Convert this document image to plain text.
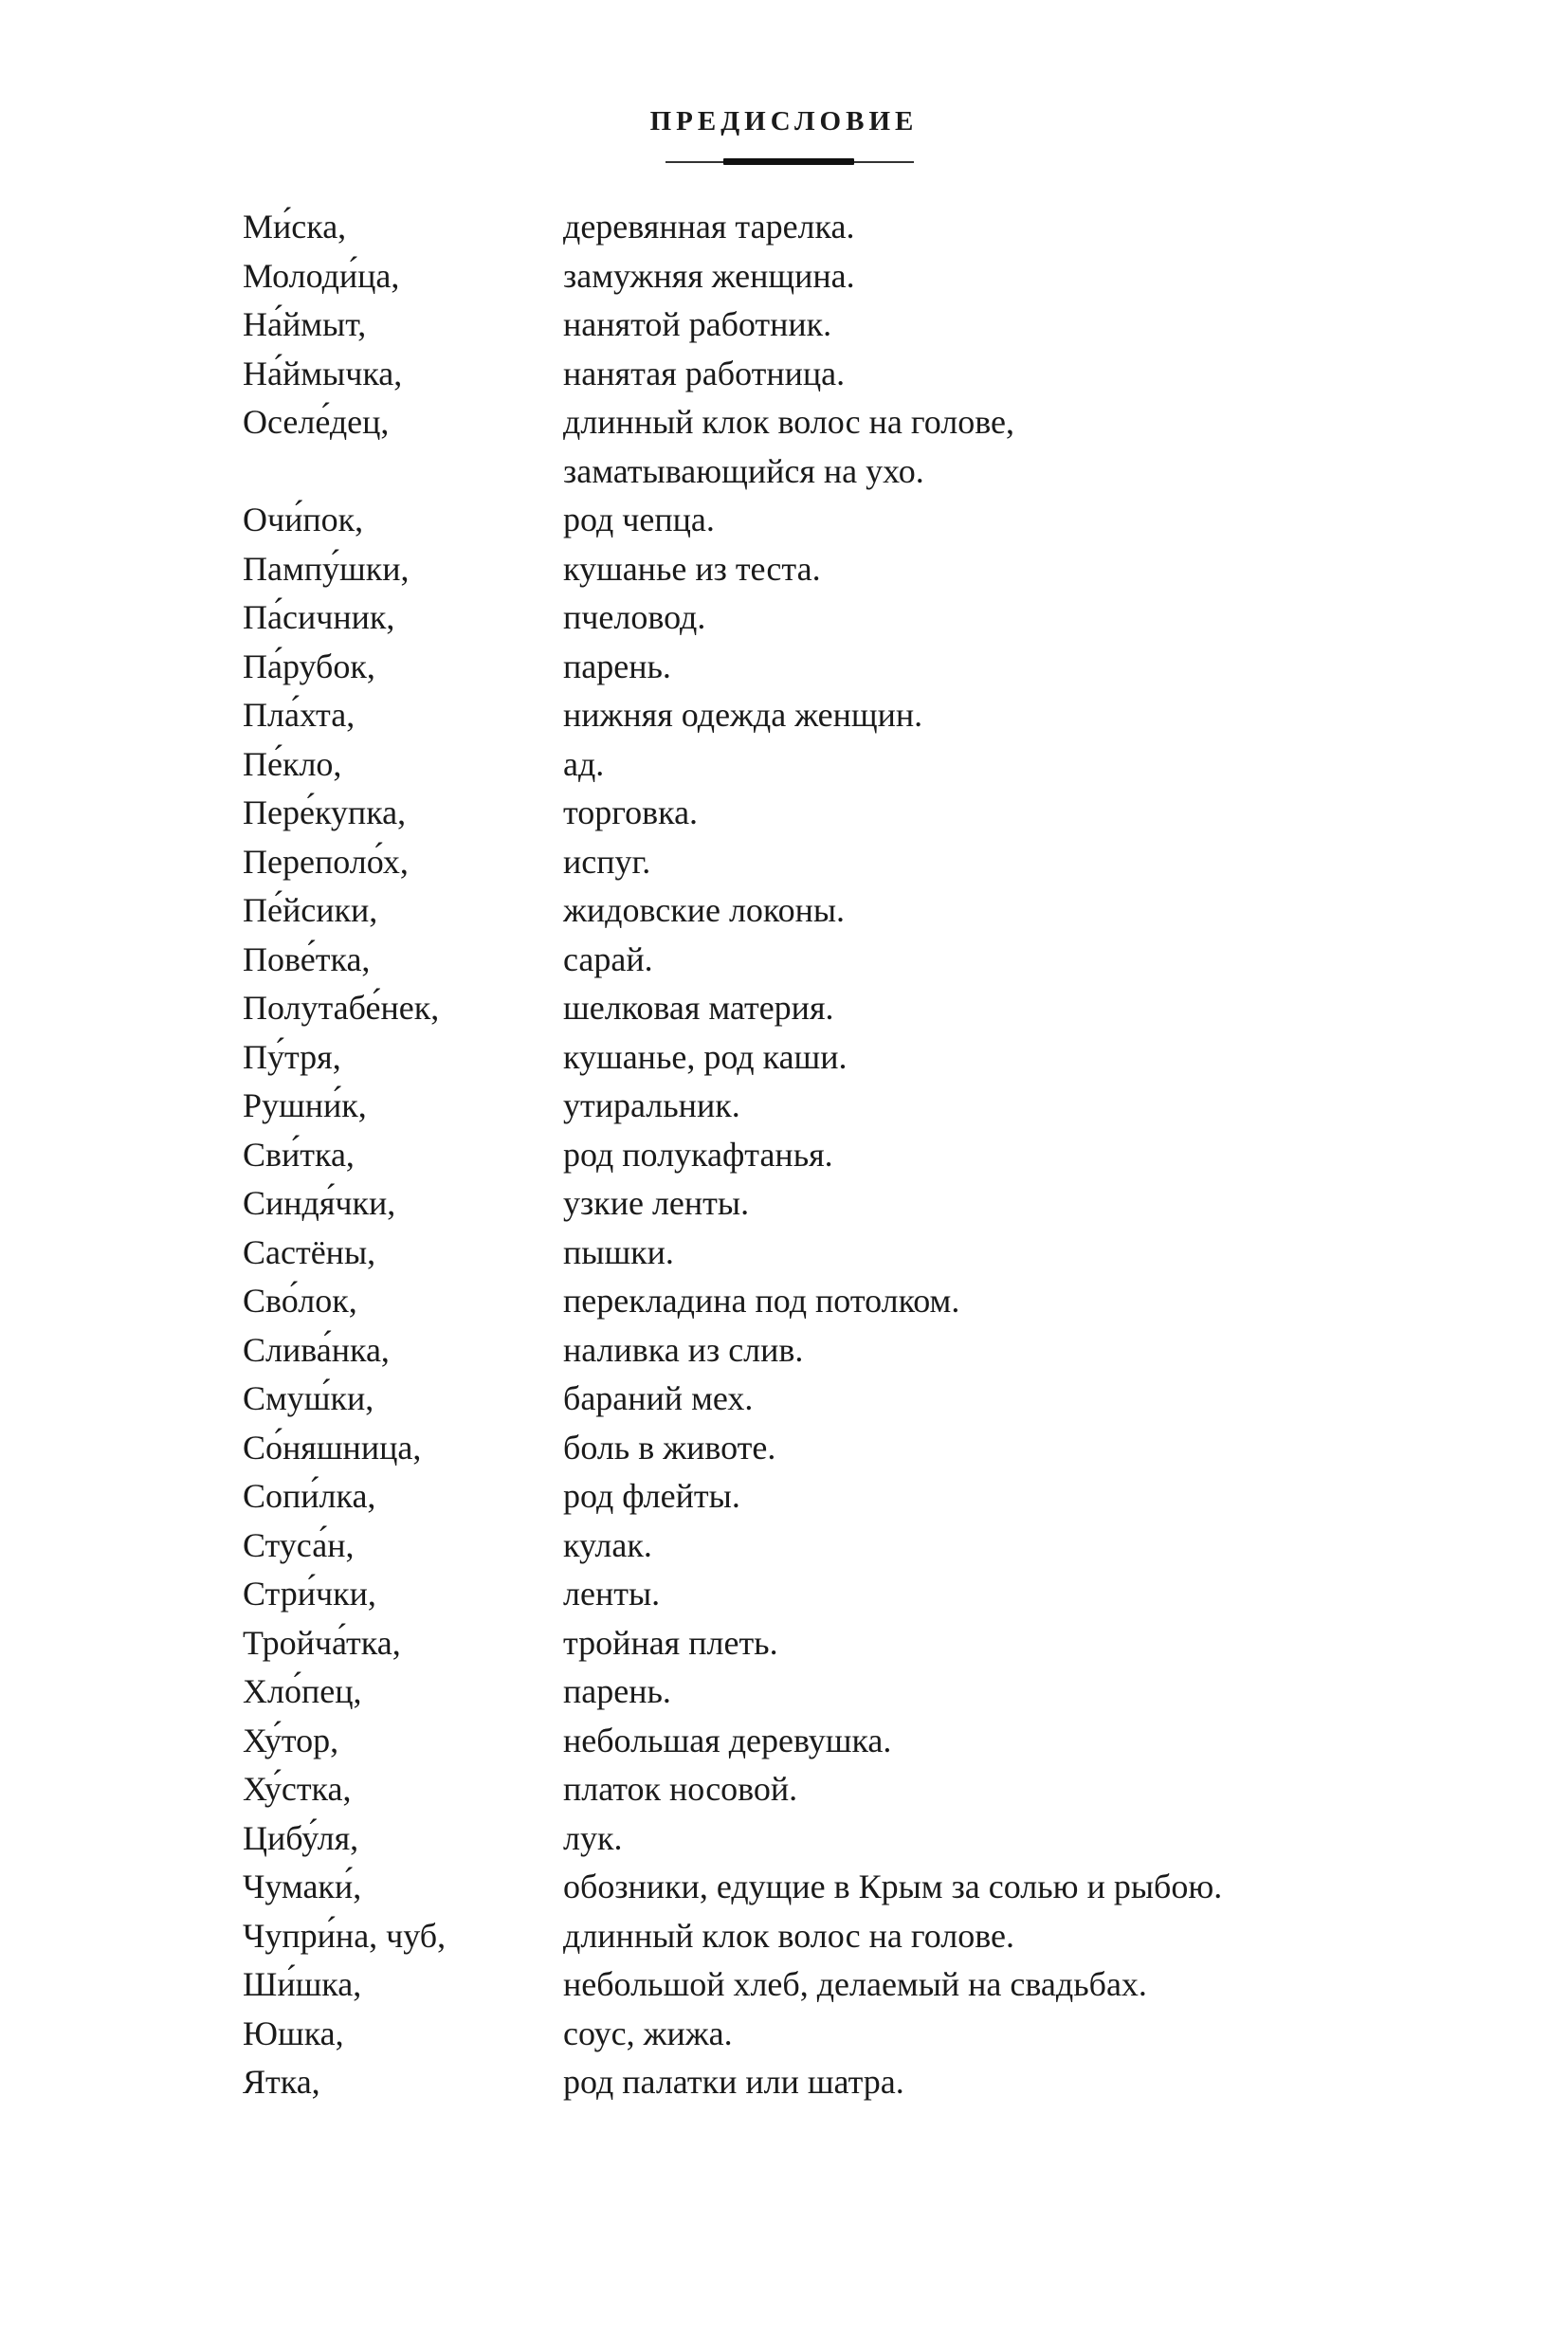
ПРЕДИСЛОВИЕ
Ми́ска,	деревянная тарелка.
Молоди́ца,	замужняя женщина.
На́ймыт,	нанятой работник.
На́ймычка,	нанятая работница.
Оселе́дец,	длинный клок волос на голове,
заматывающийся на ухо.
Очи́пок,	род чепца.
Пампу́шки,	кушанье из теста.
Па́сичник,	пчеловод.
Па́рубок,	парень.
Пла́хта,	нижняя одежда женщин.
Пе́кло,	ад.
Пере́купка,	торговка.
Переполо́х,	испуг.
Пе́йсики,	жидовские локоны.
Пове́тка,	сарай.
Полутабе́нек,	шелковая материя.
Пу́тря,	кушанье, род каши.
Рушни́к,	утиральник.
Сви́тка,	род полукафтанья.
Синдя́чки,	узкие ленты.
Састёны,	пышки.
Сво́лок,	перекладина под потолком.
Слива́нка,	наливка из слив.
Смуш́ки,	бараний мех.
Со́няшница,	боль в животе.
Сопи́лка,	род флейты.
Стуса́н,	кулак.
Стри́чки,	ленты.
Тройча́тка,	тройная плеть.
Хло́пец,	парень.
Ху́тор,	небольшая деревушка.
Ху́стка,	платок носовой.
Цибу́ля,	лук.
Чумаки́,	обозники, едущие в Крым за солью и рыбою.
Чупри́на, чуб,	длинный клок волос на голове.
Ши́шка,	небольшой хлеб, делаемый на свадьбах.
Юшка,	соус, жижа.
Ятка,	род палатки или шатра.
